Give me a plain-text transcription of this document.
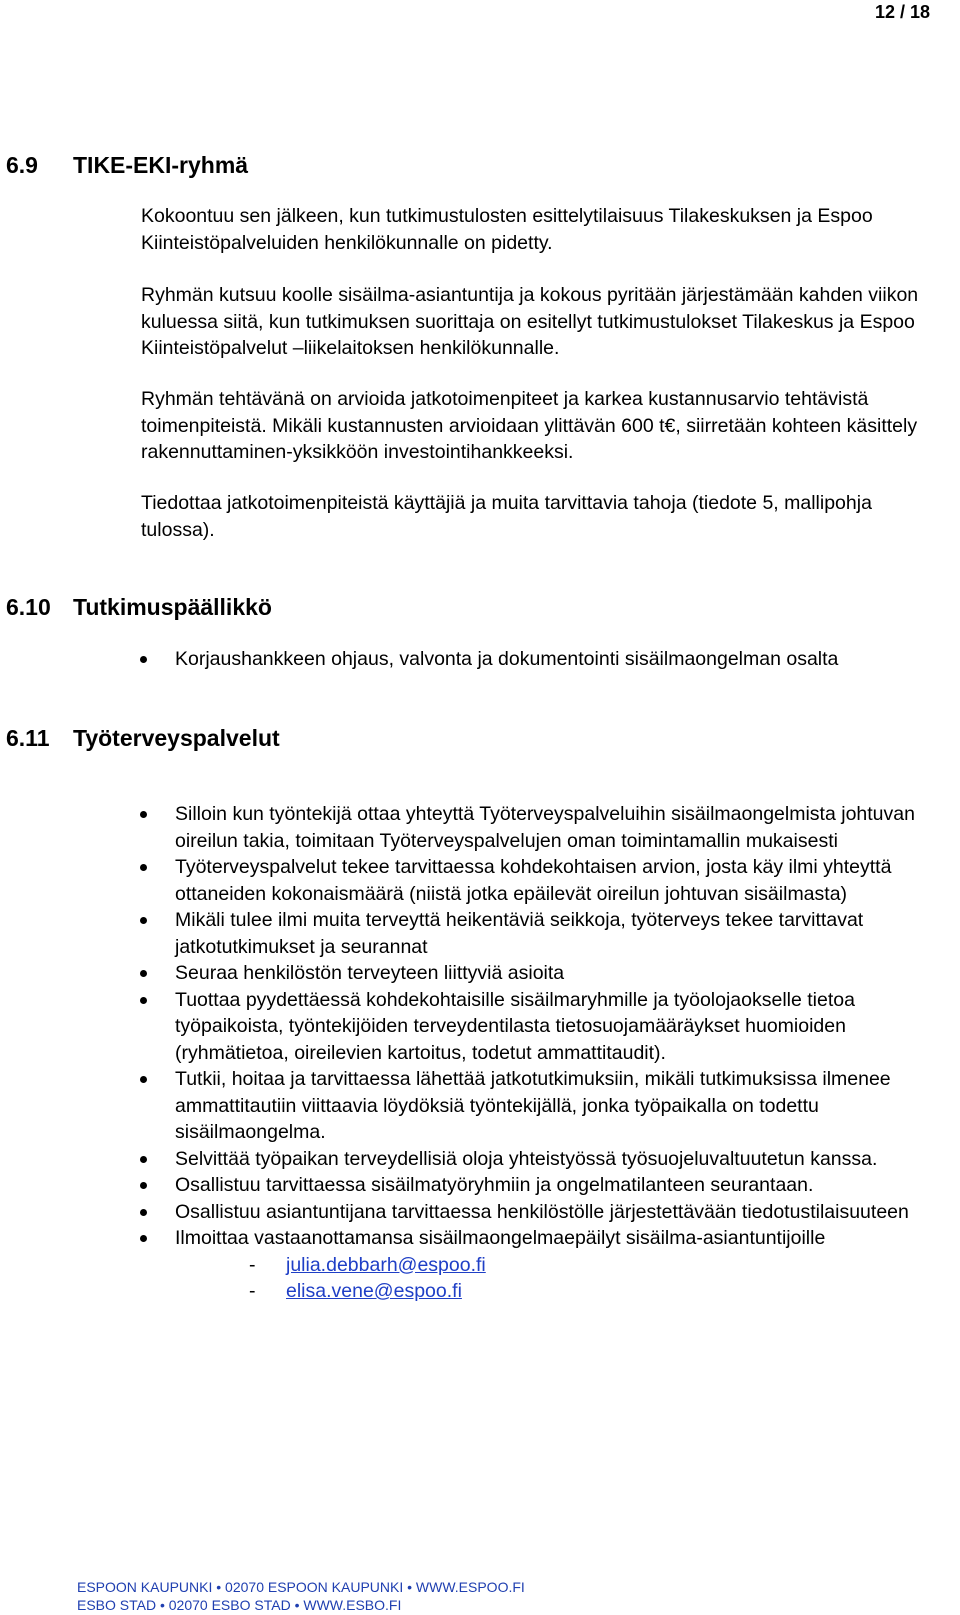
12 / 18
6.9 TIKE-EKI-ryhmä
Kokoontuu sen jälkeen, kun tutkimustulosten esittelytilaisuus Tilakeskuksen ja Espoo Kiinteistöpalveluiden henkilökunnalle on pidetty.
Ryhmän kutsuu koolle sisäilma-asiantuntija ja kokous pyritään järjestämään kahden viikon kuluessa siitä, kun tutkimuksen suorittaja on esitellyt tutkimustulokset Tilakeskus ja Espoo Kiinteistöpalvelut –liikelaitoksen henkilökunnalle.
Ryhmän tehtävänä on arvioida jatkotoimenpiteet ja karkea kustannusarvio tehtävistä toimenpiteistä. Mikäli kustannusten arvioidaan ylittävän 600 t€, siirretään kohteen käsittely rakennuttaminen-yksikköön investointihankkeeksi.
Tiedottaa jatkotoimenpiteistä käyttäjiä ja muita tarvittavia tahoja (tiedote 5, mallipohja tulossa).
6.10 Tutkimuspäällikkö
Korjaushankkeen ohjaus, valvonta ja dokumentointi sisäilmaongelman osalta
6.11 Työterveyspalvelut
Silloin kun työntekijä ottaa yhteyttä Työterveyspalveluihin sisäilmaongelmista johtuvan oireilun takia, toimitaan Työterveyspalvelujen oman toimintamallin mukaisesti
Työterveyspalvelut tekee tarvittaessa kohdekohtaisen arvion, josta käy ilmi yhteyttä ottaneiden kokonaismäärä (niistä jotka epäilevät oireilun johtuvan sisäilmasta)
Mikäli tulee ilmi muita terveyttä heikentäviä seikkoja, työterveys tekee tarvittavat jatkotutkimukset ja seurannat
Seuraa henkilöstön terveyteen liittyviä asioita
Tuottaa pyydettäessä kohdekohtaisille sisäilmaryhmille ja työolojaokselle tietoa työpaikoista, työntekijöiden terveydentilasta tietosuojamääräykset huomioiden (ryhmätietoa, oireilevien kartoitus, todetut ammattitaudit).
Tutkii, hoitaa ja tarvittaessa lähettää jatkotutkimuksiin, mikäli tutkimuksissa ilmenee ammattitautiin viittaavia löydöksiä työntekijällä, jonka työpaikalla on todettu sisäilmaongelma.
Selvittää työpaikan terveydellisiä oloja yhteistyössä työsuojeluvaltuutetun kanssa.
Osallistuu tarvittaessa sisäilmatyöryhmiin ja ongelmatilanteen seurantaan.
Osallistuu asiantuntijana tarvittaessa henkilöstölle järjestettävään tiedotustilaisuuteen
Ilmoittaa vastaanottamansa sisäilmaongelmaepäilyt sisäilma-asiantuntijoille
- julia.debbarh@espoo.fi
- elisa.vene@espoo.fi
ESPOON KAUPUNKI • 02070 ESPOON KAUPUNKI • WWW.ESPOO.FI
ESBO STAD • 02070 ESBO STAD • WWW.ESBO.FI
